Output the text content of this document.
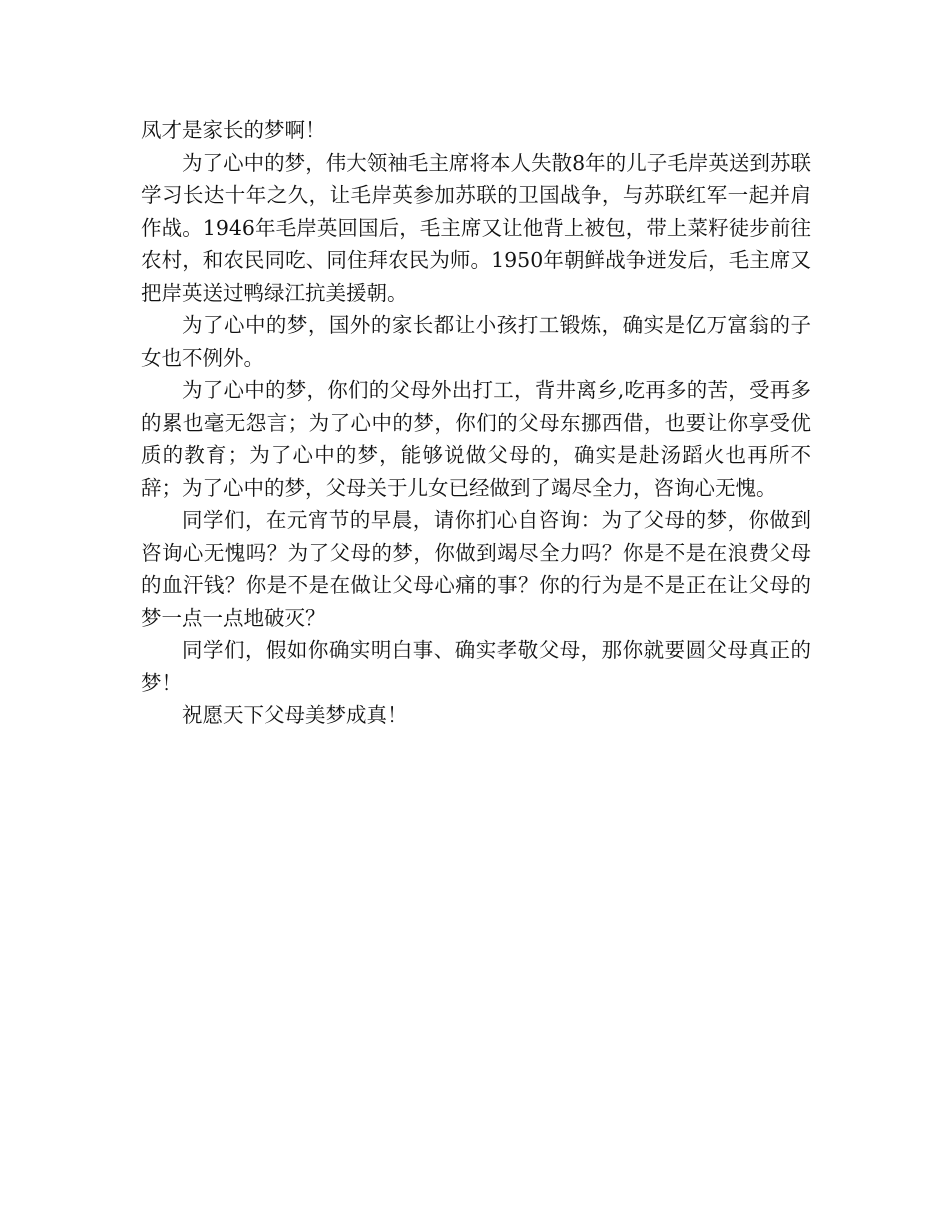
凤才是家长的梦啊！

为了心中的梦，伟大领袖毛主席将本人失散8年的儿子毛岸英送到苏联学习长达十年之久，让毛岸英参加苏联的卫国战争，与苏联红军一起并肩作战。1946年毛岸英回国后，毛主席又让他背上被包，带上菜籽徒步前往农村，和农民同吃、同住拜农民为师。1950年朝鲜战争迸发后，毛主席又把岸英送过鸭绿江抗美援朝。

为了心中的梦，国外的家长都让小孩打工锻炼，确实是亿万富翁的子女也不例外。

为了心中的梦，你们的父母外出打工，背井离乡,吃再多的苦，受再多的累也毫无怨言；为了心中的梦，你们的父母东挪西借，也要让你享受优质的教育；为了心中的梦，能够说做父母的，确实是赴汤蹈火也再所不辞；为了心中的梦，父母关于儿女已经做到了竭尽全力，咨询心无愧。

同学们，在元宵节的早晨，请你扪心自咨询：为了父母的梦，你做到咨询心无愧吗？为了父母的梦，你做到竭尽全力吗？你是不是在浪费父母的血汗钱？你是不是在做让父母心痛的事？你的行为是不是正在让父母的梦一点一点地破灭？

同学们，假如你确实明白事、确实孝敬父母，那你就要圆父母真正的梦！

祝愿天下父母美梦成真！
